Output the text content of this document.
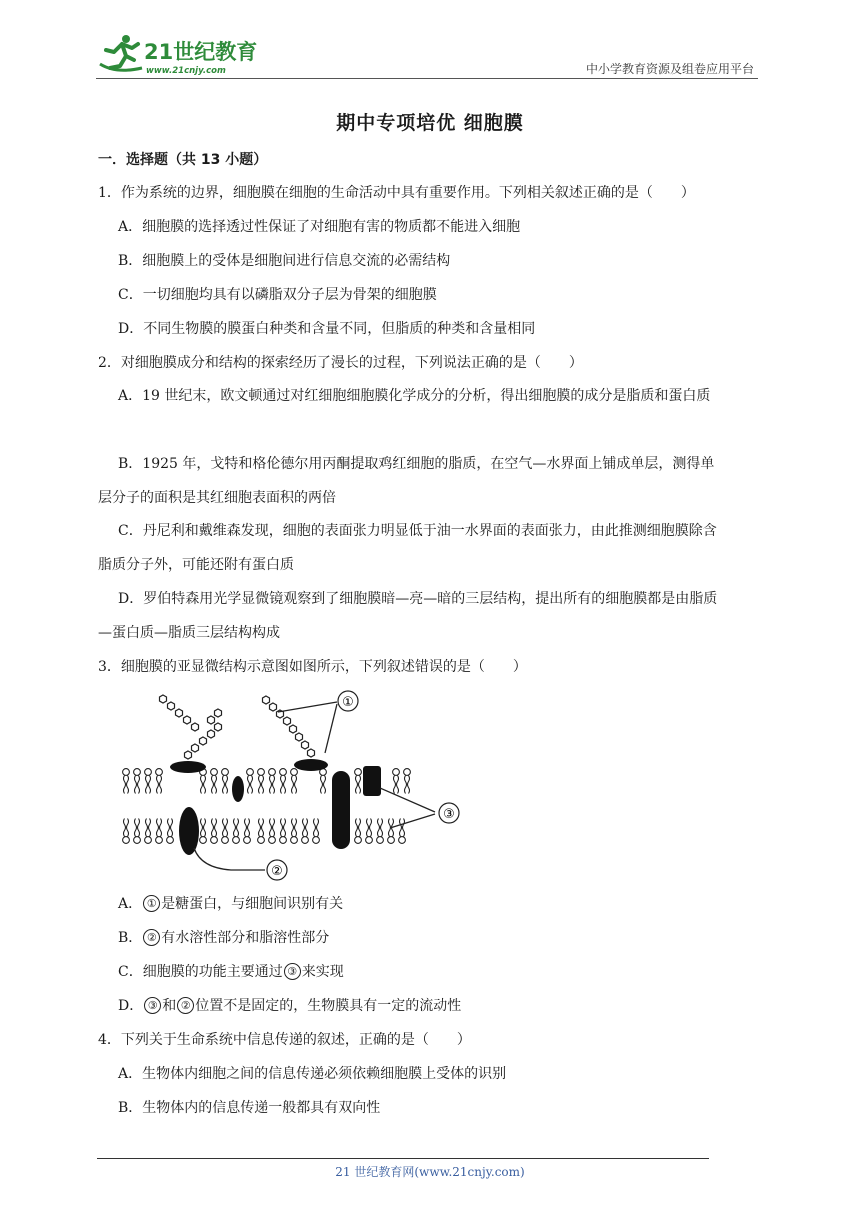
21世纪教育
www.21cnjy.com	中小学教育资源及组卷应用平台
期中专项培优 细胞膜
一．选择题（共 13 小题）
1．作为系统的边界，细胞膜在细胞的生命活动中具有重要作用。下列相关叙述正确的是（　　）
A．细胞膜的选择透过性保证了对细胞有害的物质都不能进入细胞
B．细胞膜上的受体是细胞间进行信息交流的必需结构
C．一切细胞均具有以磷脂双分子层为骨架的细胞膜
D．不同生物膜的膜蛋白种类和含量不同，但脂质的种类和含量相同
2．对细胞膜成分和结构的探索经历了漫长的过程，下列说法正确的是（　　）
A．19 世纪末，欧文顿通过对红细胞细胞膜化学成分的分析，得出细胞膜的成分是脂质和蛋白质
B．1925 年，戈特和格伦德尔用丙酮提取鸡红细胞的脂质，在空气—水界面上铺成单层，测得单
层分子的面积是其红细胞表面积的两倍
C．丹尼利和戴维森发现，细胞的表面张力明显低于油一水界面的表面张力，由此推测细胞膜除含
脂质分子外，可能还附有蛋白质
D．罗伯特森用光学显微镜观察到了细胞膜暗—亮—暗的三层结构，提出所有的细胞膜都是由脂质
—蛋白质—脂质三层结构构成
3．细胞膜的亚显微结构示意图如图所示，下列叙述错误的是（　　）
①
②
③
A． ① 是糖蛋白，与细胞间识别有关
B． ② 有水溶性部分和脂溶性部分
C．细胞膜的功能主要通过 ③ 来实现
D． ③ 和 ② 位置不是固定的，生物膜具有一定的流动性
4．下列关于生命系统中信息传递的叙述，正确的是（　　）
A．生物体内细胞之间的信息传递必须依赖细胞膜上受体的识别
B．生物体内的信息传递一般都具有双向性
21 世纪教育网(www.21cnjy.com)
